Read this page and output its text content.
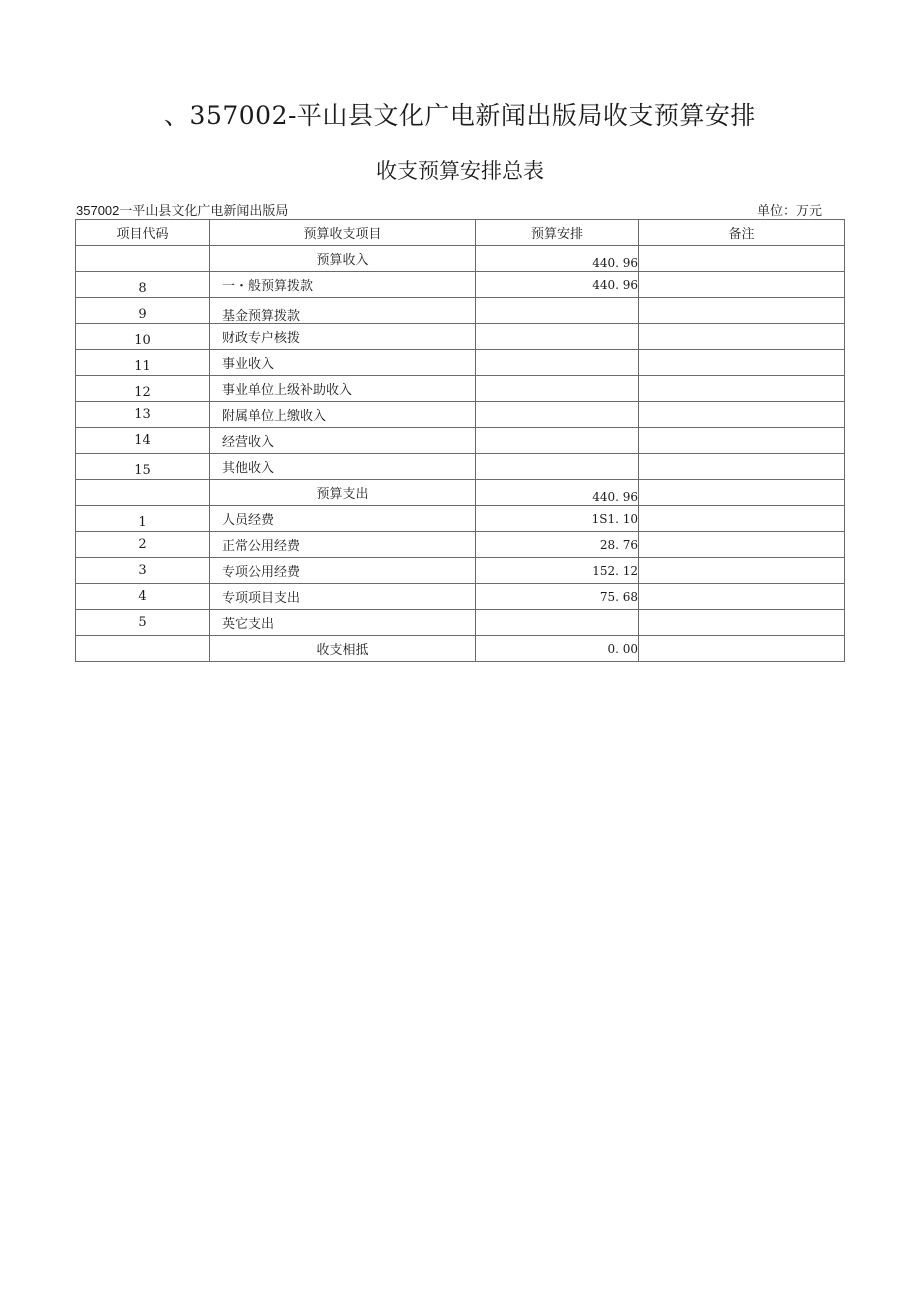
、357002-平山县文化广电新闻出版局收支预算安排
收支预算安排总表
357002一平山县文化广电新闻出版局	单位：万元
项目代码	预算收支项目	预算安排	备注
	预算收入	440. 96	
8	一・般预算拨款	440. 96	
9	基金预算拨款		
10	财政专户核拨		
11	事业收入		
12	事业单位上级补助收入		
13	附属单位上缴收入		
14	经营收入		
15	其他收入		
	预算支出	440. 96	
1	人员经费	1S1. 10	
2	正常公用经费	28. 76	
3	专项公用经费	152. 12	
4	专项项目支出	75. 68	
5	英它支出		
	收支相抵	0. 00	
